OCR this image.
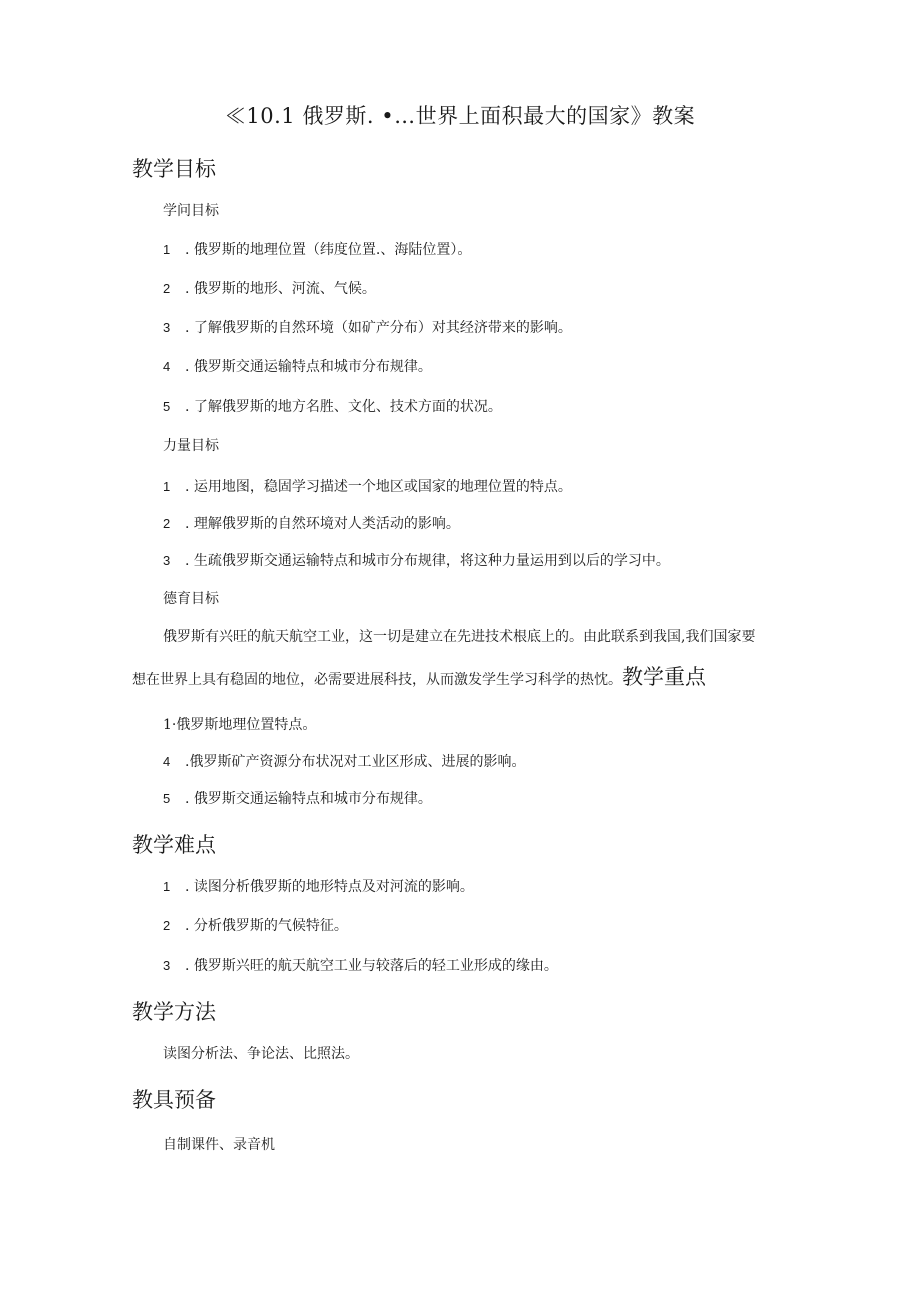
≪10.1 俄罗斯. •…世界上面积最大的国家》教案
教学目标
学问目标
1 . 俄罗斯的地理位置（纬度位置.、海陆位置）。
2 . 俄罗斯的地形、河流、气候。
3 . 了解俄罗斯的自然环境（如矿产分布）对其经济带来的影响。
4 . 俄罗斯交通运输特点和城市分布规律。
5 . 了解俄罗斯的地方名胜、文化、技术方面的状况。
力量目标
1 . 运用地图，稳固学习描述一个地区或国家的地理位置的特点。
2 . 理解俄罗斯的自然环境对人类活动的影响。
3 . 生疏俄罗斯交通运输特点和城市分布规律，将这种力量运用到以后的学习中。
德育目标
俄罗斯有兴旺的航天航空工业，这一切是建立在先进技术根底上的。由此联系到我国,我们国家要
想在世界上具有稳固的地位，必需要进展科技，从而激发学生学习科学的热忱。教学重点
1·俄罗斯地理位置特点。
4 .俄罗斯矿产资源分布状况对工业区形成、进展的影响。
5 . 俄罗斯交通运输特点和城市分布规律。
教学难点
1 . 读图分析俄罗斯的地形特点及对河流的影响。
2 . 分析俄罗斯的气候特征。
3 . 俄罗斯兴旺的航天航空工业与较落后的轻工业形成的缘由。
教学方法
读图分析法、争论法、比照法。
教具预备
自制课件、录音机
